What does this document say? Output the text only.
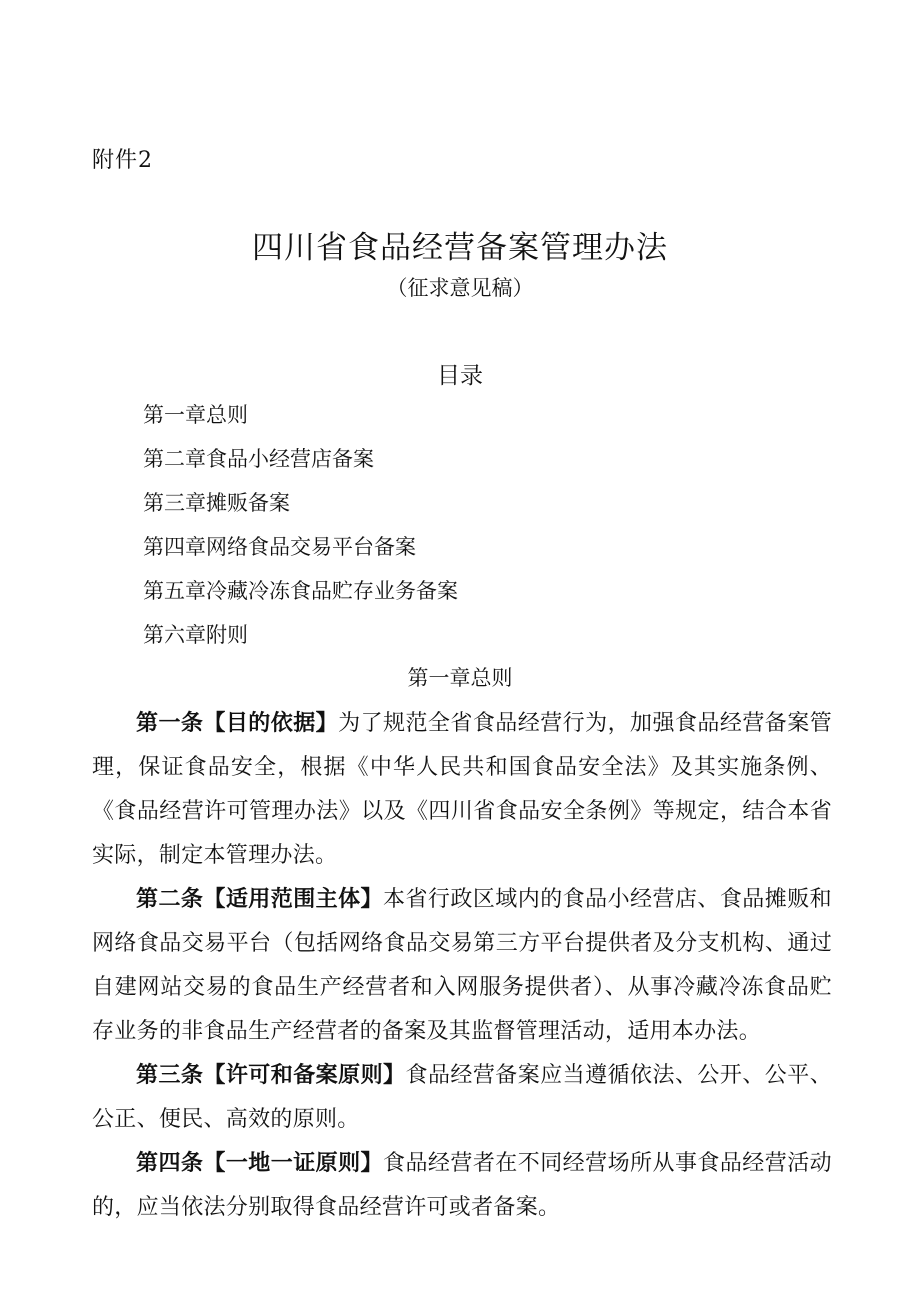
附件2
四川省食品经营备案管理办法
（征求意见稿）
目录
第一章总则
第二章食品小经营店备案
第三章摊贩备案
第四章网络食品交易平台备案
第五章冷藏冷冻食品贮存业务备案
第六章附则
第一章总则

第一条【目的依据】为了规范全省食品经营行为，加强食品经营备案管理，保证食品安全，根据《中华人民共和国食品安全法》及其实施条例、《食品经营许可管理办法》以及《四川省食品安全条例》等规定，结合本省实际，制定本管理办法。

第二条【适用范围主体】本省行政区域内的食品小经营店、食品摊贩和网络食品交易平台（包括网络食品交易第三方平台提供者及分支机构、通过自建网站交易的食品生产经营者和入网服务提供者）、从事冷藏冷冻食品贮存业务的非食品生产经营者的备案及其监督管理活动，适用本办法。

第三条【许可和备案原则】食品经营备案应当遵循依法、公开、公平、公正、便民、高效的原则。

第四条【一地一证原则】食品经营者在不同经营场所从事食品经营活动的，应当依法分别取得食品经营许可或者备案。
